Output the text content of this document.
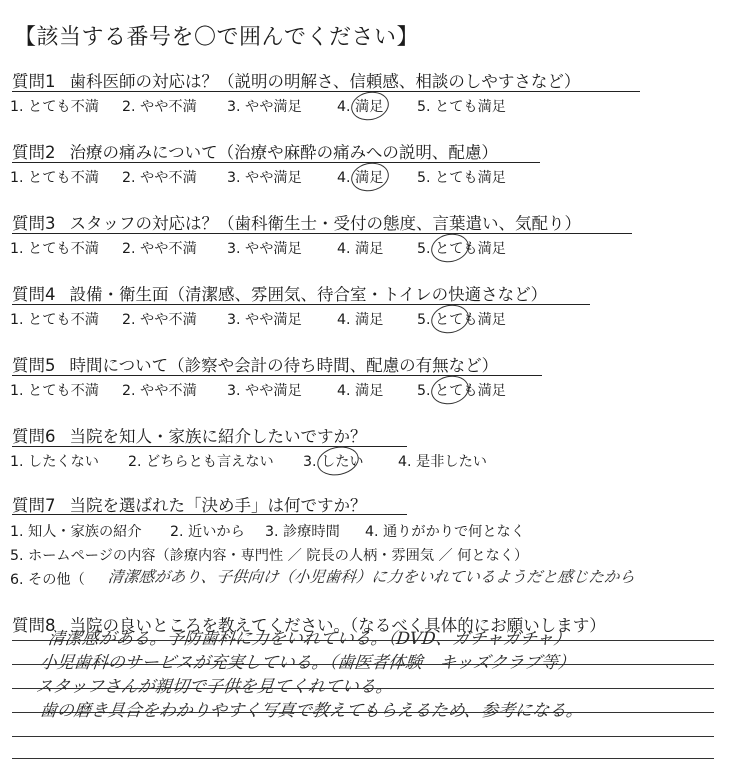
【該当する番号を〇で囲んでください】
質問1 歯科医師の対応は？（説明の明解さ、信頼感、相談のしやすさなど）
1. とても不満 2. やや不満 3. やや満足 4. 満足 5. とても満足
質問2 治療の痛みについて（治療や麻酔の痛みへの説明、配慮）
1. とても不満 2. やや不満 3. やや満足 4. 満足 5. とても満足
質問3 スタッフの対応は？（歯科衛生士・受付の態度、言葉遣い、気配り）
1. とても不満 2. やや不満 3. やや満足 4. 満足 5. とても満足
質問4 設備・衛生面（清潔感、雰囲気、待合室・トイレの快適さなど）
1. とても不満 2. やや不満 3. やや満足 4. 満足 5. とても満足
質問5 時間について（診察や会計の待ち時間、配慮の有無など）
1. とても不満 2. やや不満 3. やや満足 4. 満足 5. とても満足
質問6 当院を知人・家族に紹介したいですか？
1. したくない 2. どちらとも言えない 3. したい 4. 是非したい
質問7 当院を選ばれた「決め手」は何ですか？
1. 知人・家族の紹介 2. 近いから 3. 診療時間 4. 通りがかりで何となく
5. ホームページの内容（診療内容・専門性 ／ 院長の人柄・雰囲気 ／ 何となく）
6. その他（ 清潔感があり、子供向け（小児歯科）に力をいれているようだと感じたから
質問8 当院の良いところを教えてください。（なるべく具体的にお願いします）
清潔感がある。予防歯科に力をいれている。（DVD、ガチャガチャ）
小児歯科のサービスが充実している。（歯医者体験　キッズクラブ等）
スタッフさんが親切で子供を見てくれている。
歯の磨き具合をわかりやすく写真で教えてもらえるため、参考になる。
